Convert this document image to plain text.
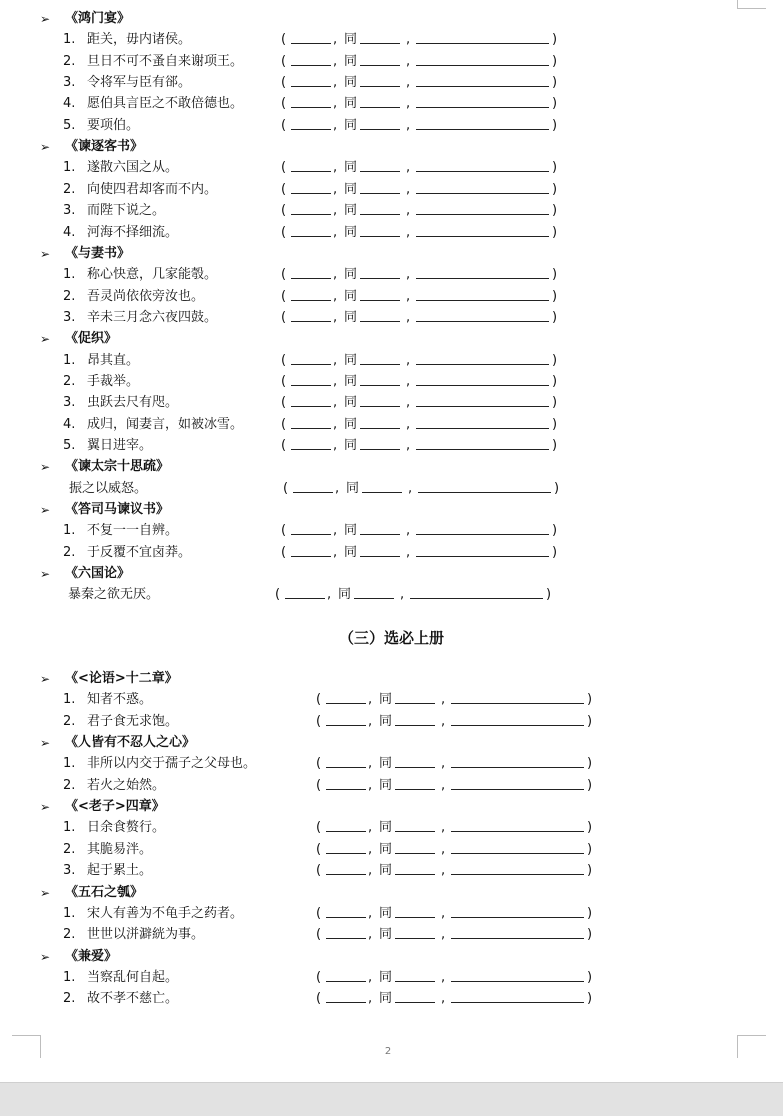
➢ 《鸿门宴》
1. 距关，毋内诸侯。	(	, 同	,	)
2. 旦日不可不蚤自来谢项王。	(	, 同	,	)
3. 令将军与臣有郤。	(	, 同	,	)
4. 愿伯具言臣之不敢倍德也。	(	, 同	,	)
5. 要项伯。	(	, 同	,	)
➢ 《谏逐客书》
1. 遂散六国之从。	(	, 同	,	)
2. 向使四君却客而不内。	(	, 同	,	)
3. 而陛下说之。	(	, 同	,	)
4. 河海不择细流。	(	, 同	,	)
➢ 《与妻书》
1. 称心快意，几家能彀。	(	, 同	,	)
2. 吾灵尚依依旁汝也。	(	, 同	,	)
3. 辛未三月念六夜四鼓。	(	, 同	,	)
➢ 《促织》
1. 昂其直。	(	, 同	,	)
2. 手裁举。	(	, 同	,	)
3. 虫跃去尺有咫。	(	, 同	,	)
4. 成归，闻妻言，如被冰雪。	(	, 同	,	)
5. 翼日进宰。	(	, 同	,	)
➢ 《谏太宗十思疏》
振之以威怒。	(	, 同	,	)
➢ 《答司马谏议书》
1. 不复一一自辨。	(	, 同	,	)
2. 于反覆不宜卤莽。	(	, 同	,	)
➢ 《六国论》
暴秦之欲无厌。	(	, 同	,	)
➢ 《<论语>十二章》
1. 知者不惑。	(	, 同	,	)
2. 君子食无求饱。	(	, 同	,	)
➢ 《人皆有不忍人之心》
1. 非所以内交于孺子之父母也。	(	, 同	,	)
2. 若火之始然。	(	, 同	,	)
➢ 《<老子>四章》
1. 日余食赘行。	(	, 同	,	)
2. 其脆易泮。	(	, 同	,	)
3. 起于累土。	(	, 同	,	)
➢ 《五石之瓠》
1. 宋人有善为不龟手之药者。	(	, 同	,	)
2. 世世以洴澼絖为事。	(	, 同	,	)
➢ 《兼爱》
1. 当察乱何自起。	(	, 同	,	)
2. 故不孝不慈亡。	(	, 同	,	)
（三）选必上册
2
